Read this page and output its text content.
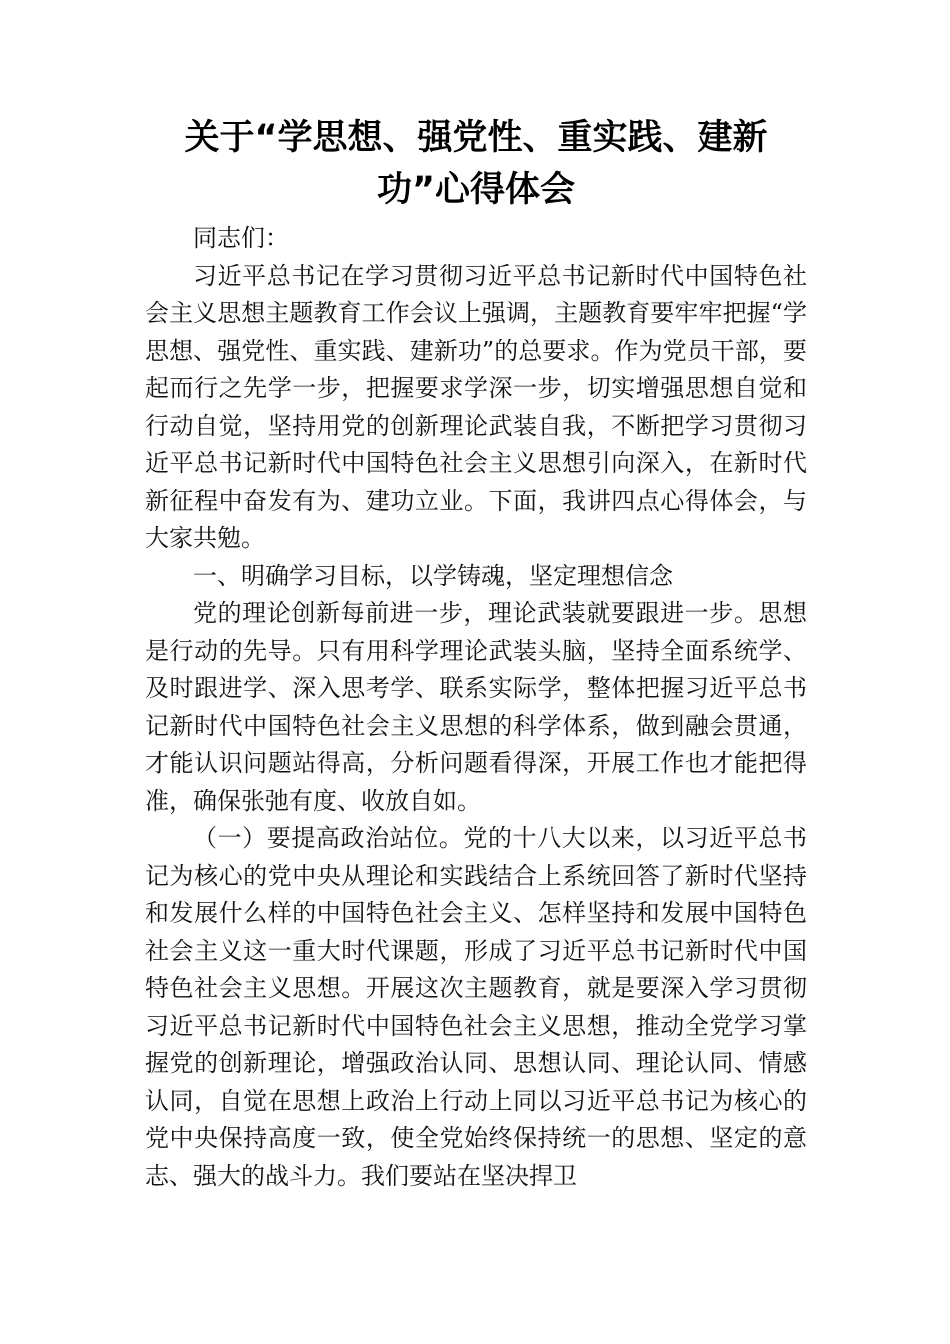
关于“学思想、强党性、重实践、建新功”心得体会

同志们：

习近平总书记在学习贯彻习近平总书记新时代中国特色社会主义思想主题教育工作会议上强调，主题教育要牢牢把握“学思想、强党性、重实践、建新功”的总要求。作为党员干部，要起而行之先学一步，把握要求学深一步，切实增强思想自觉和行动自觉，坚持用党的创新理论武装自我，不断把学习贯彻习近平总书记新时代中国特色社会主义思想引向深入，在新时代新征程中奋发有为、建功立业。下面，我讲四点心得体会，与大家共勉。

一、明确学习目标，以学铸魂，坚定理想信念

党的理论创新每前进一步，理论武装就要跟进一步。思想是行动的先导。只有用科学理论武装头脑，坚持全面系统学、及时跟进学、深入思考学、联系实际学，整体把握习近平总书记新时代中国特色社会主义思想的科学体系，做到融会贯通，才能认识问题站得高，分析问题看得深，开展工作也才能把得准，确保张弛有度、收放自如。

（一）要提高政治站位。党的十八大以来，以习近平总书记为核心的党中央从理论和实践结合上系统回答了新时代坚持和发展什么样的中国特色社会主义、怎样坚持和发展中国特色社会主义这一重大时代课题，形成了习近平总书记新时代中国特色社会主义思想。开展这次主题教育，就是要深入学习贯彻习近平总书记新时代中国特色社会主义思想，推动全党学习掌握党的创新理论，增强政治认同、思想认同、理论认同、情感认同，自觉在思想上政治上行动上同以习近平总书记为核心的党中央保持高度一致，使全党始终保持统一的思想、坚定的意志、强大的战斗力。我们要站在坚决捍卫
